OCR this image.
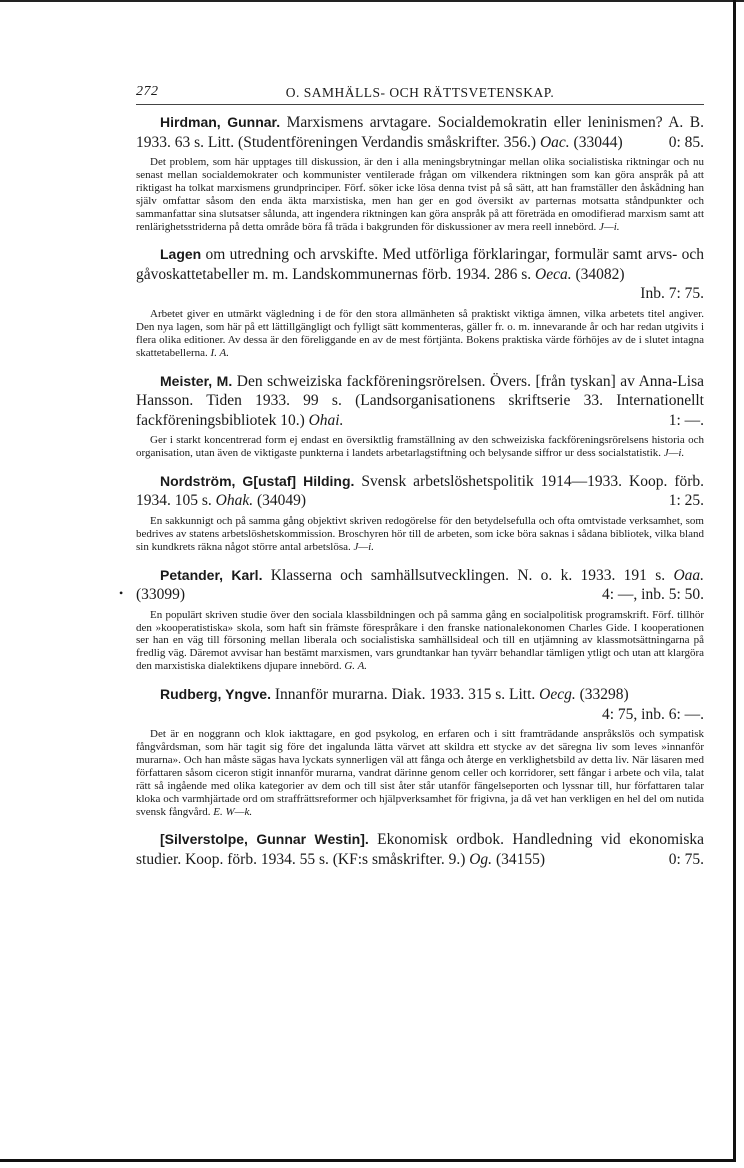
•
272	O. SAMHÄLLS- OCH RÄTTSVETENSKAP.

Hirdman, Gunnar. Marxismens arvtagare. Socialdemokratin eller leninismen? A. B. 1933. 63 s. Litt. (Studentföreningen Verdandis småskrifter. 356.) Oac. (33044)	0: 85.

Det problem, som här upptages till diskussion, är den i alla meningsbrytningar mellan olika socialistiska riktningar och nu senast mellan socialdemokrater och kommunister ventilerade frågan om vilkendera riktningen som kan göra anspråk på att riktigast ha tolkat marxismens grundprinciper. Förf. söker icke lösa denna tvist på så sätt, att han framställer den åskådning han själv omfattar såsom den enda äkta marxistiska, men han ger en god översikt av parternas motsatta ståndpunkter och sammanfattar sina slutsatser sålunda, att ingendera riktningen kan göra anspråk på att företräda en omodifierad marxism samt att renlärighetsstriderna på detta område böra få träda i bakgrunden för diskussioner av mera reell innebörd. J—i.

Lagen om utredning och arvskifte. Med utförliga förklaringar, formulär samt arvs- och gåvoskattetabeller m. m. Landskommunernas förb. 1934. 286 s. Oeca. (34082)
Inb. 7: 75.

Arbetet giver en utmärkt vägledning i de för den stora allmänheten så praktiskt viktiga ämnen, vilka arbetets titel angiver. Den nya lagen, som här på ett lättillgängligt och fylligt sätt kommenteras, gäller fr. o. m. innevarande år och har redan utgivits i flera olika editioner. Av dessa är den föreliggande en av de mest förtjänta. Bokens praktiska värde förhöjes av de i slutet intagna skattetabellerna. I. A.

Meister, M. Den schweiziska fackföreningsrörelsen. Övers. [från tyskan] av Anna-Lisa Hansson. Tiden 1933. 99 s. (Landsorganisationens skriftserie 33. Internationellt fackföreningsbibliotek 10.) Ohai.	1: —.

Ger i starkt koncentrerad form ej endast en översiktlig framställning av den schweiziska fackföreningsrörelsens historia och organisation, utan även de viktigaste punkterna i landets arbetarlagstiftning och belysande siffror ur dess socialstatistik. J—i.

Nordström, G[ustaf] Hilding. Svensk arbetslöshetspolitik 1914—1933. Koop. förb. 1934. 105 s. Ohak. (34049)	1: 25.

En sakkunnigt och på samma gång objektivt skriven redogörelse för den betydelsefulla och ofta omtvistade verksamhet, som bedrives av statens arbetslöshetskommission. Broschyren hör till de arbeten, som icke böra saknas i sådana bibliotek, vilka bland sin kundkrets räkna något större antal arbetslösa. J—i.

Petander, Karl. Klasserna och samhällsutvecklingen. N. o. k. 1933. 191 s. Oaa. (33099)	4: —, inb. 5: 50.

En populärt skriven studie över den sociala klassbildningen och på samma gång en socialpolitisk programskrift. Förf. tillhör den »kooperatistiska» skola, som haft sin främste förespråkare i den franske nationalekonomen Charles Gide. I kooperationen ser han en väg till försoning mellan liberala och socialistiska samhällsideal och till en utjämning av klassmotsättningarna på fredlig väg. Däremot avvisar han bestämt marxismen, vars grundtankar han tyvärr behandlar tämligen ytligt och utan att klargöra den marxistiska dialektikens djupare innebörd. G. A.

Rudberg, Yngve. Innanför murarna. Diak. 1933. 315 s. Litt. Oecg. (33298)
4: 75, inb. 6: —.

Det är en noggrann och klok iakttagare, en god psykolog, en erfaren och i sitt framträdande anspråkslös och sympatisk fångvårdsman, som här tagit sig före det ingalunda lätta värvet att skildra ett stycke av det säregna liv som leves »innanför murarna». Och han måste sägas hava lyckats synnerligen väl att fånga och återge en verklighetsbild av detta liv. När läsaren med författaren såsom ciceron stigit innanför murarna, vandrat därinne genom celler och korridorer, sett fångar i arbete och vila, talat rätt så ingående med olika kategorier av dem och till sist åter står utanför fängelseporten och lyssnar till, hur författaren talar kloka och varmhjärtade ord om straffrättsreformer och hjälpverksamhet för frigivna, ja då vet han verkligen en hel del om nutida svensk fångvård. E. W—k.

[Silverstolpe, Gunnar Westin]. Ekonomisk ordbok. Handledning vid ekonomiska studier. Koop. förb. 1934. 55 s. (KF:s småskrifter. 9.) Og. (34155)	0: 75.
